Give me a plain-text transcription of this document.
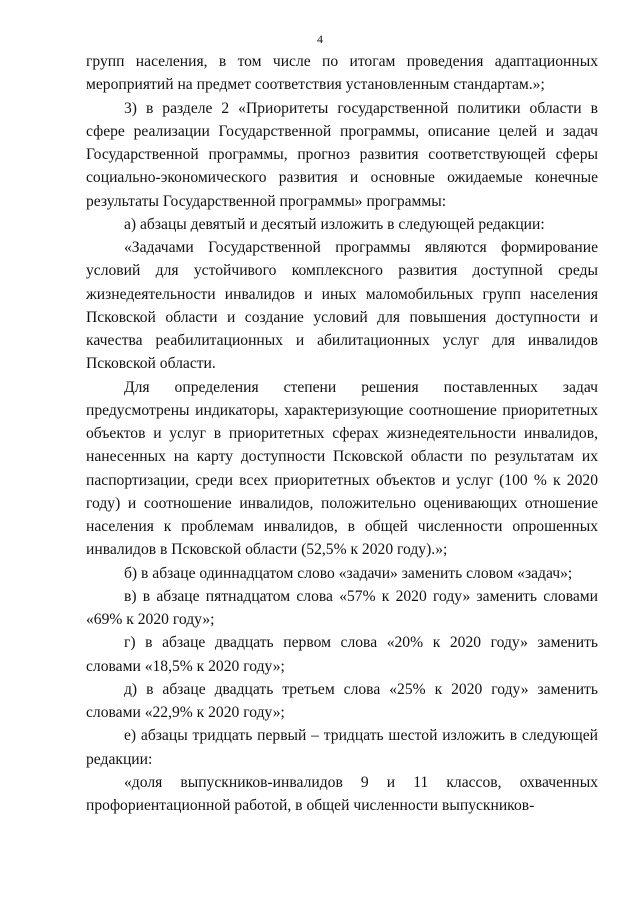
4

групп населения, в том числе по итогам проведения адаптационных мероприятий на предмет соответствия установленным стандартам.»;

3) в разделе 2 «Приоритеты государственной политики области в сфере реализации Государственной программы, описание целей и задач Государственной программы, прогноз развития соответствующей сферы социально-экономического развития и основные ожидаемые конечные результаты Государственной программы» программы:

а) абзацы девятый и десятый изложить в следующей редакции:

«Задачами Государственной программы являются формирование условий для устойчивого комплексного развития доступной среды жизнедеятельности инвалидов и иных маломобильных групп населения Псковской области и создание условий для повышения доступности и качества реабилитационных и абилитационных услуг для инвалидов Псковской области.

Для определения степени решения поставленных задач предусмотрены индикаторы, характеризующие соотношение приоритетных объектов и услуг в приоритетных сферах жизнедеятельности инвалидов, нанесенных на карту доступности Псковской области по результатам их паспортизации, среди всех приоритетных объектов и услуг (100 % к 2020 году) и соотношение инвалидов, положительно оценивающих отношение населения к проблемам инвалидов, в общей численности опрошенных инвалидов в Псковской области (52,5% к 2020 году).»;

б) в абзаце одиннадцатом слово «задачи» заменить словом «задач»;

в) в абзаце пятнадцатом слова «57% к 2020 году» заменить словами «69% к 2020 году»;

г) в абзаце двадцать первом слова «20% к 2020 году» заменить словами «18,5% к 2020 году»;

д) в абзаце двадцать третьем слова «25% к 2020 году» заменить словами «22,9% к 2020 году»;

е) абзацы тридцать первый – тридцать шестой изложить в следующей редакции:

«доля выпускников-инвалидов 9 и 11 классов, охваченных профориентационной работой, в общей численности выпускников-
